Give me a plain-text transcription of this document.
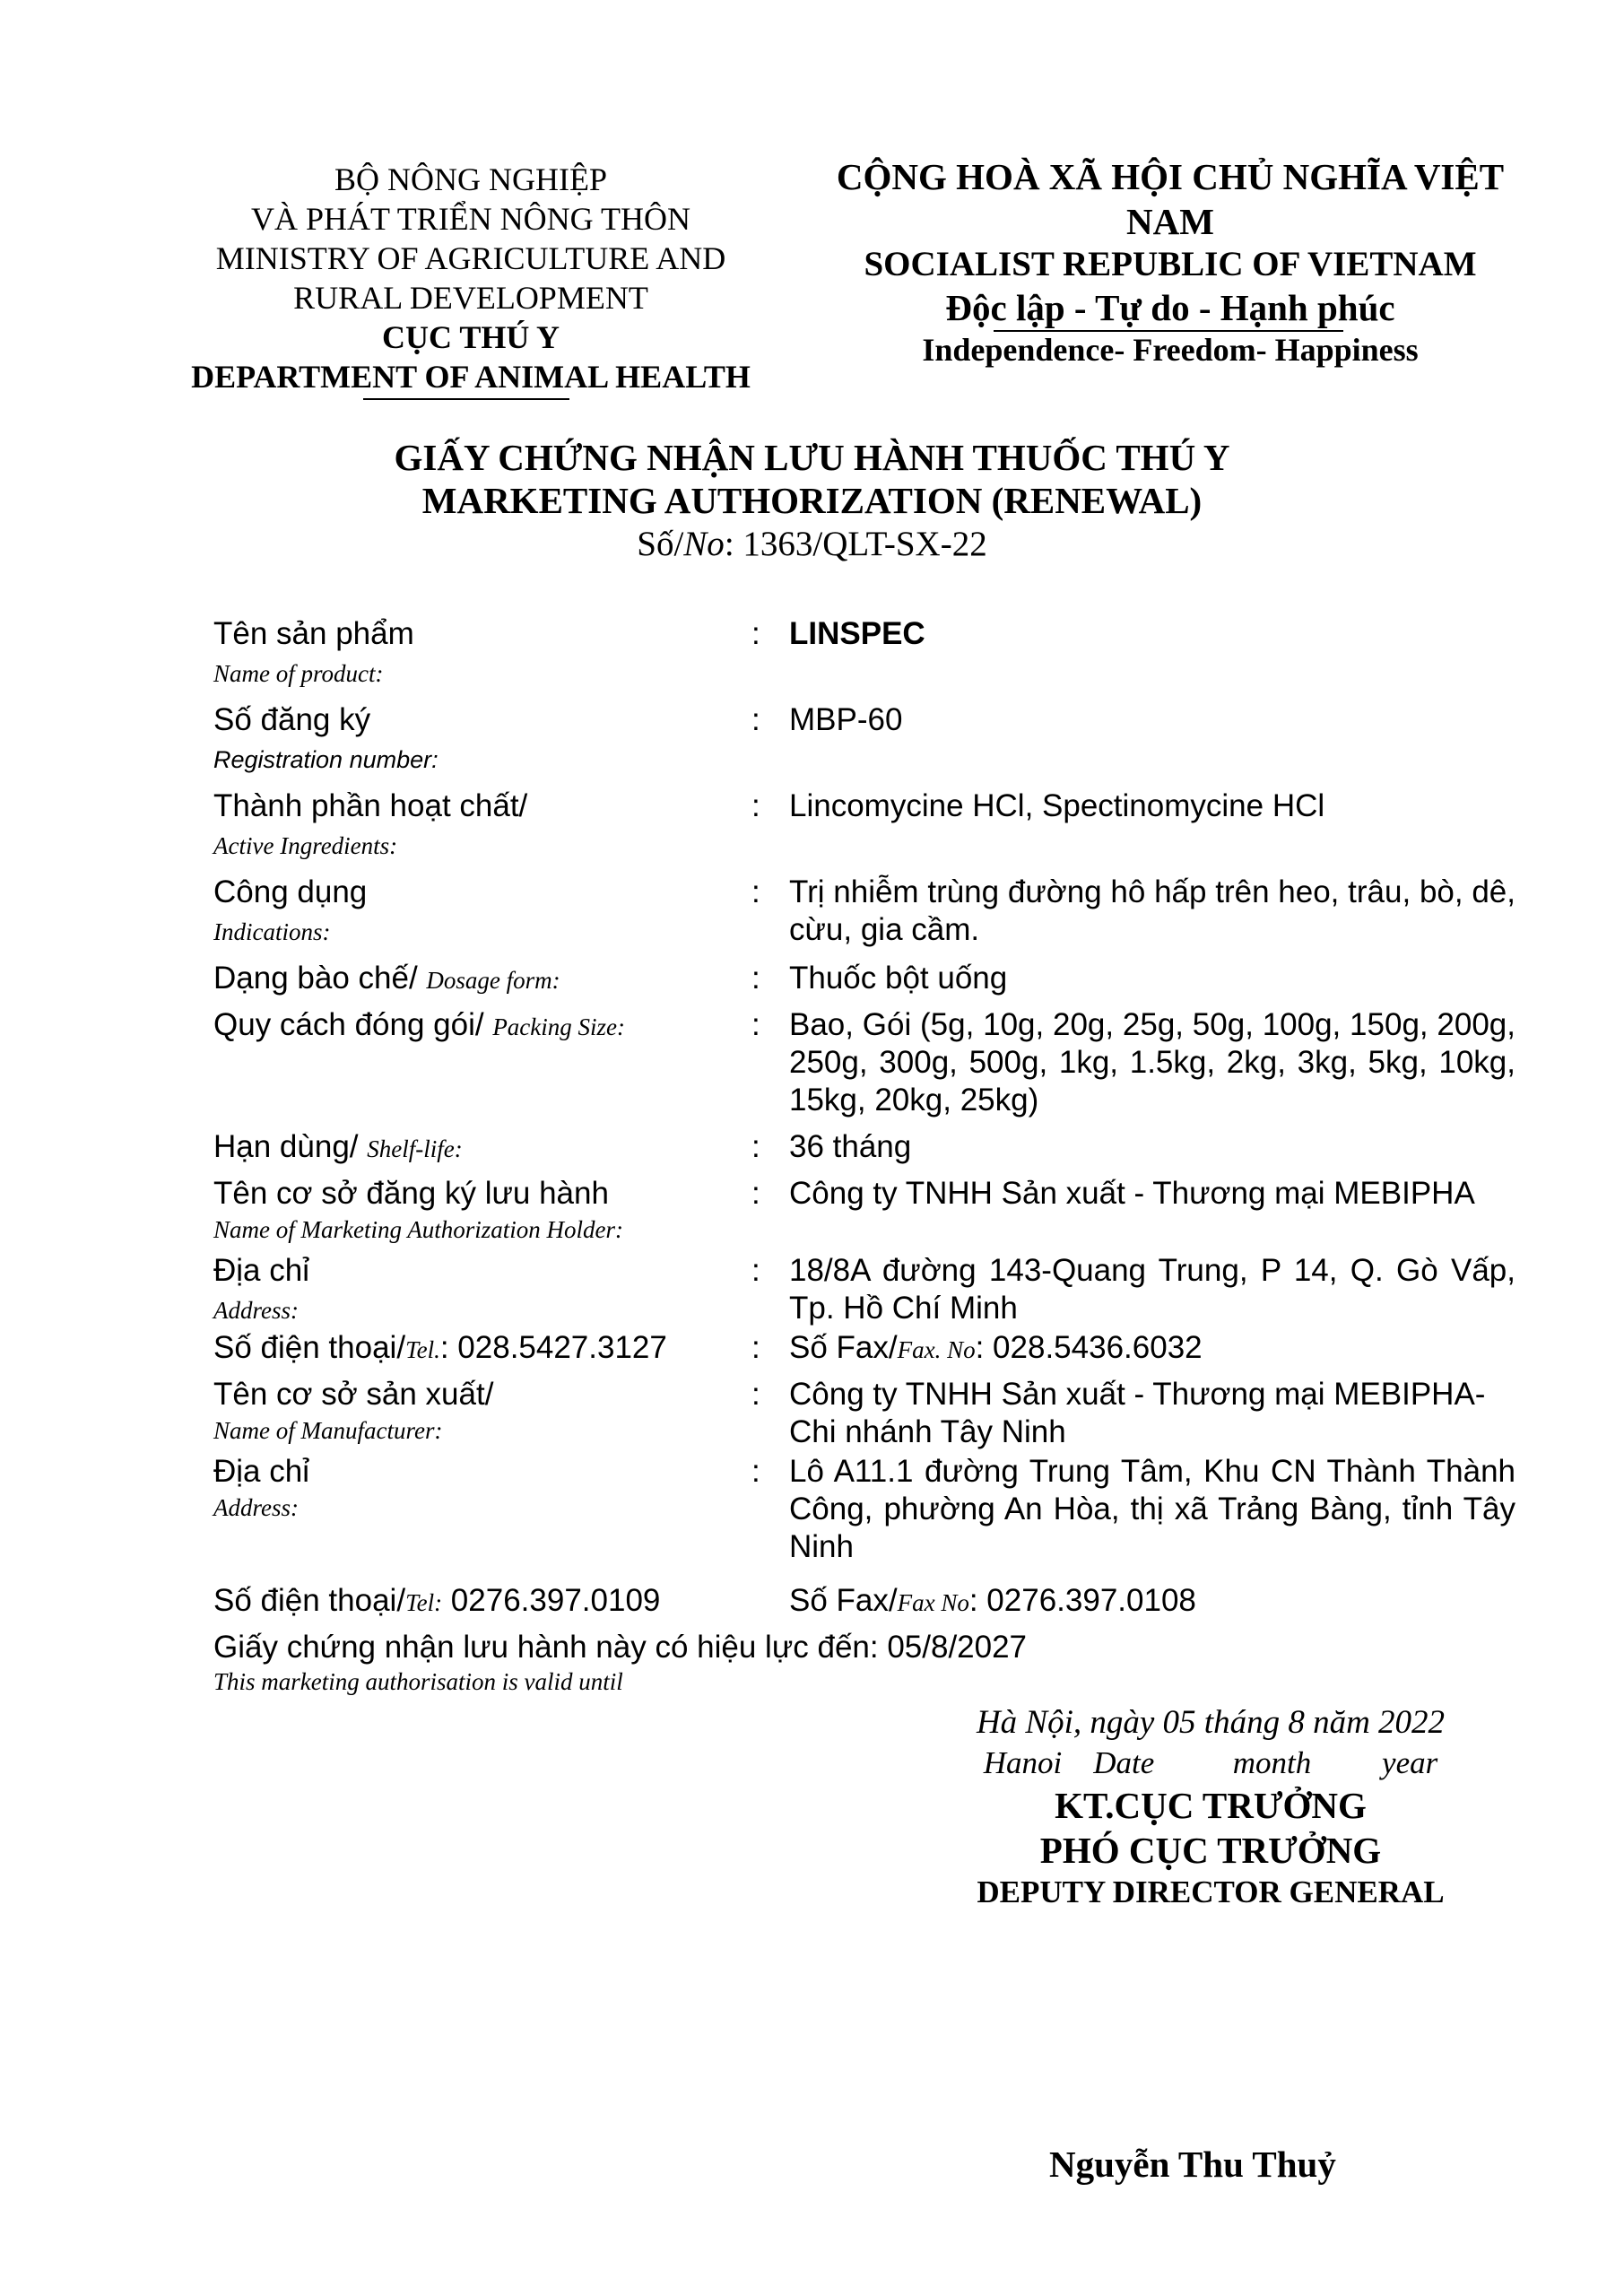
BỘ NÔNG NGHIỆP
VÀ PHÁT TRIỂN NÔNG THÔN
MINISTRY OF AGRICULTURE AND
RURAL DEVELOPMENT
CỤC THÚ Y
DEPARTMENT OF ANIMAL HEALTH
CỘNG HOÀ XÃ HỘI CHỦ NGHĨA VIỆT NAM
SOCIALIST REPUBLIC OF VIETNAM
Độc lập - Tự do - Hạnh phúc
Independence- Freedom- Happiness
GIẤY CHỨNG NHẬN LƯU HÀNH THUỐC THÚ Y
MARKETING AUTHORIZATION (RENEWAL)
Số/No: 1363/QLT-SX-22
Tên sản phẩm
Name of product:
: LINSPEC
Số đăng ký
Registration number:
: MBP-60
Thành phần hoạt chất/
Active Ingredients:
: Lincomycine HCl, Spectinomycine HCl
Công dụng
Indications:
: Trị nhiễm trùng đường hô hấp trên heo, trâu, bò, dê, cừu, gia cầm.
Dạng bào chế/ Dosage form:	: Thuốc bột uống
Quy cách đóng gói/ Packing Size:	: Bao, Gói (5g, 10g, 20g, 25g, 50g, 100g, 150g, 200g, 250g, 300g, 500g, 1kg, 1.5kg, 2kg, 3kg, 5kg, 10kg, 15kg, 20kg, 25kg)
Hạn dùng/ Shelf-life:	: 36 tháng
Tên cơ sở đăng ký lưu hành
Name of Marketing Authorization Holder:
: Công ty TNHH Sản xuất - Thương mại MEBIPHA
Địa chỉ
Address:
: 18/8A đường 143-Quang Trung, P 14, Q. Gò Vấp, Tp. Hồ Chí Minh
Số điện thoại/Tel.: 028.5427.3127	: Số Fax/Fax. No: 028.5436.6032
Tên cơ sở sản xuất/
Name of Manufacturer:
: Công ty TNHH Sản xuất - Thương mại MEBIPHA- Chi nhánh Tây Ninh
Địa chỉ
Address:
: Lô A11.1 đường Trung Tâm, Khu CN Thành Thành Công, phường An Hòa, thị xã Trảng Bàng, tỉnh Tây Ninh
Số điện thoại/Tel: 0276.397.0109	Số Fax/Fax No: 0276.397.0108
Giấy chứng nhận lưu hành này có hiệu lực đến: 05/8/2027
This marketing authorisation is valid until
Hà Nội, ngày 05 tháng 8 năm 2022
Hanoi    Date          month         year
KT.CỤC TRƯỞNG
PHÓ CỤC TRƯỞNG
DEPUTY DIRECTOR GENERAL
Nguyễn Thu Thuỷ
